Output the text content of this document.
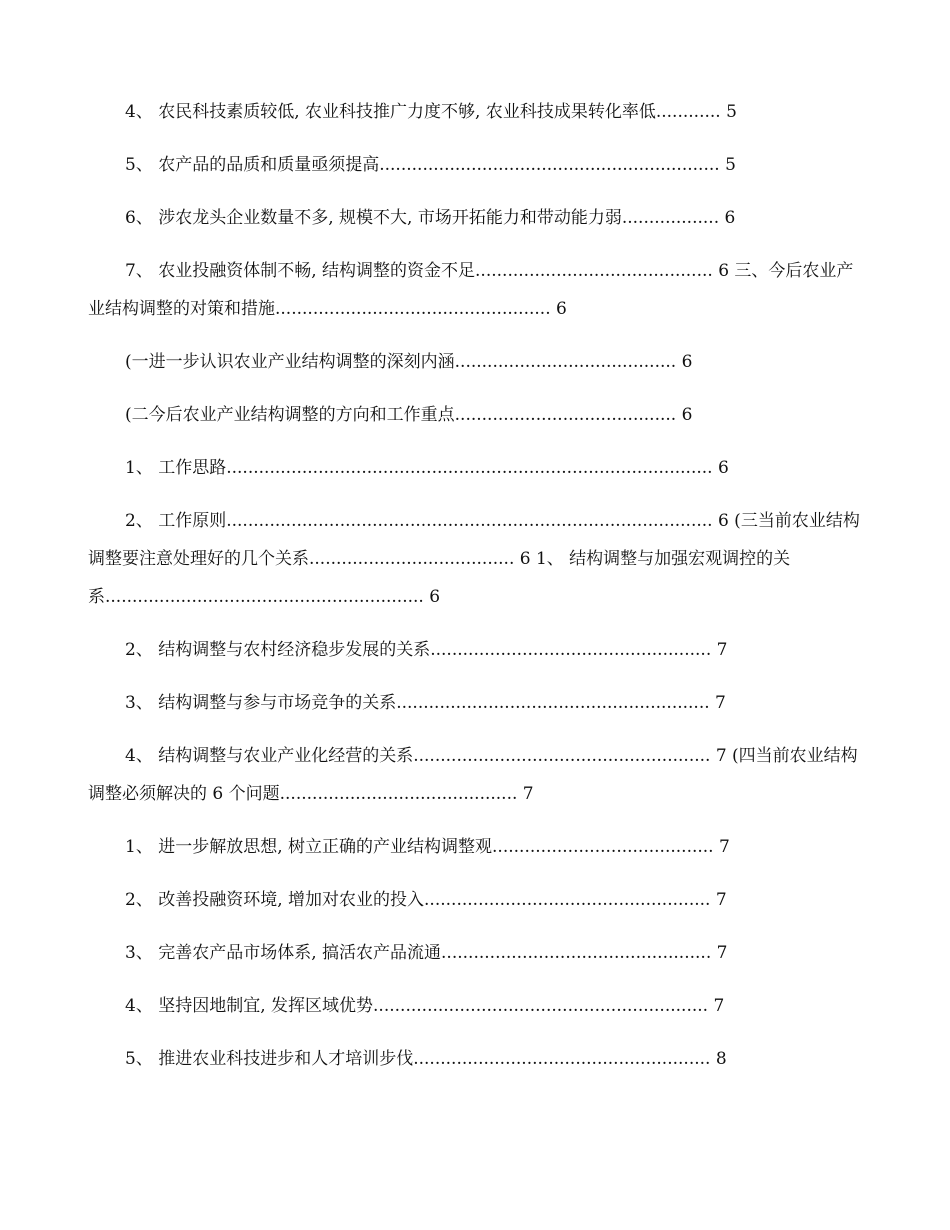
4、 农民科技素质较低, 农业科技推广力度不够, 农业科技成果转化率低............ 5
5、 农产品的品质和质量亟须提高............................................................... 5
6、 涉农龙头企业数量不多, 规模不大, 市场开拓能力和带动能力弱.................. 6
7、 农业投融资体制不畅, 结构调整的资金不足............................................ 6 三、今后农业产业结构调整的对策和措施................................................... 6
(一进一步认识农业产业结构调整的深刻内涵......................................... 6
(二今后农业产业结构调整的方向和工作重点......................................... 6
1、 工作思路.......................................................................................... 6
2、 工作原则.......................................................................................... 6 (三当前农业结构调整要注意处理好的几个关系...................................... 6 1、 结构调整与加强宏观调控的关系........................................................... 6
2、 结构调整与农村经济稳步发展的关系.................................................... 7
3、 结构调整与参与市场竞争的关系.......................................................... 7
4、 结构调整与农业产业化经营的关系....................................................... 7 (四当前农业结构调整必须解决的 6 个问题............................................ 7
1、 进一步解放思想, 树立正确的产业结构调整观......................................... 7
2、 改善投融资环境, 增加对农业的投入..................................................... 7
3、 完善农产品市场体系, 搞活农产品流通.................................................. 7
4、 坚持因地制宜, 发挥区域优势.............................................................. 7
5、 推进农业科技进步和人才培训步伐....................................................... 8
